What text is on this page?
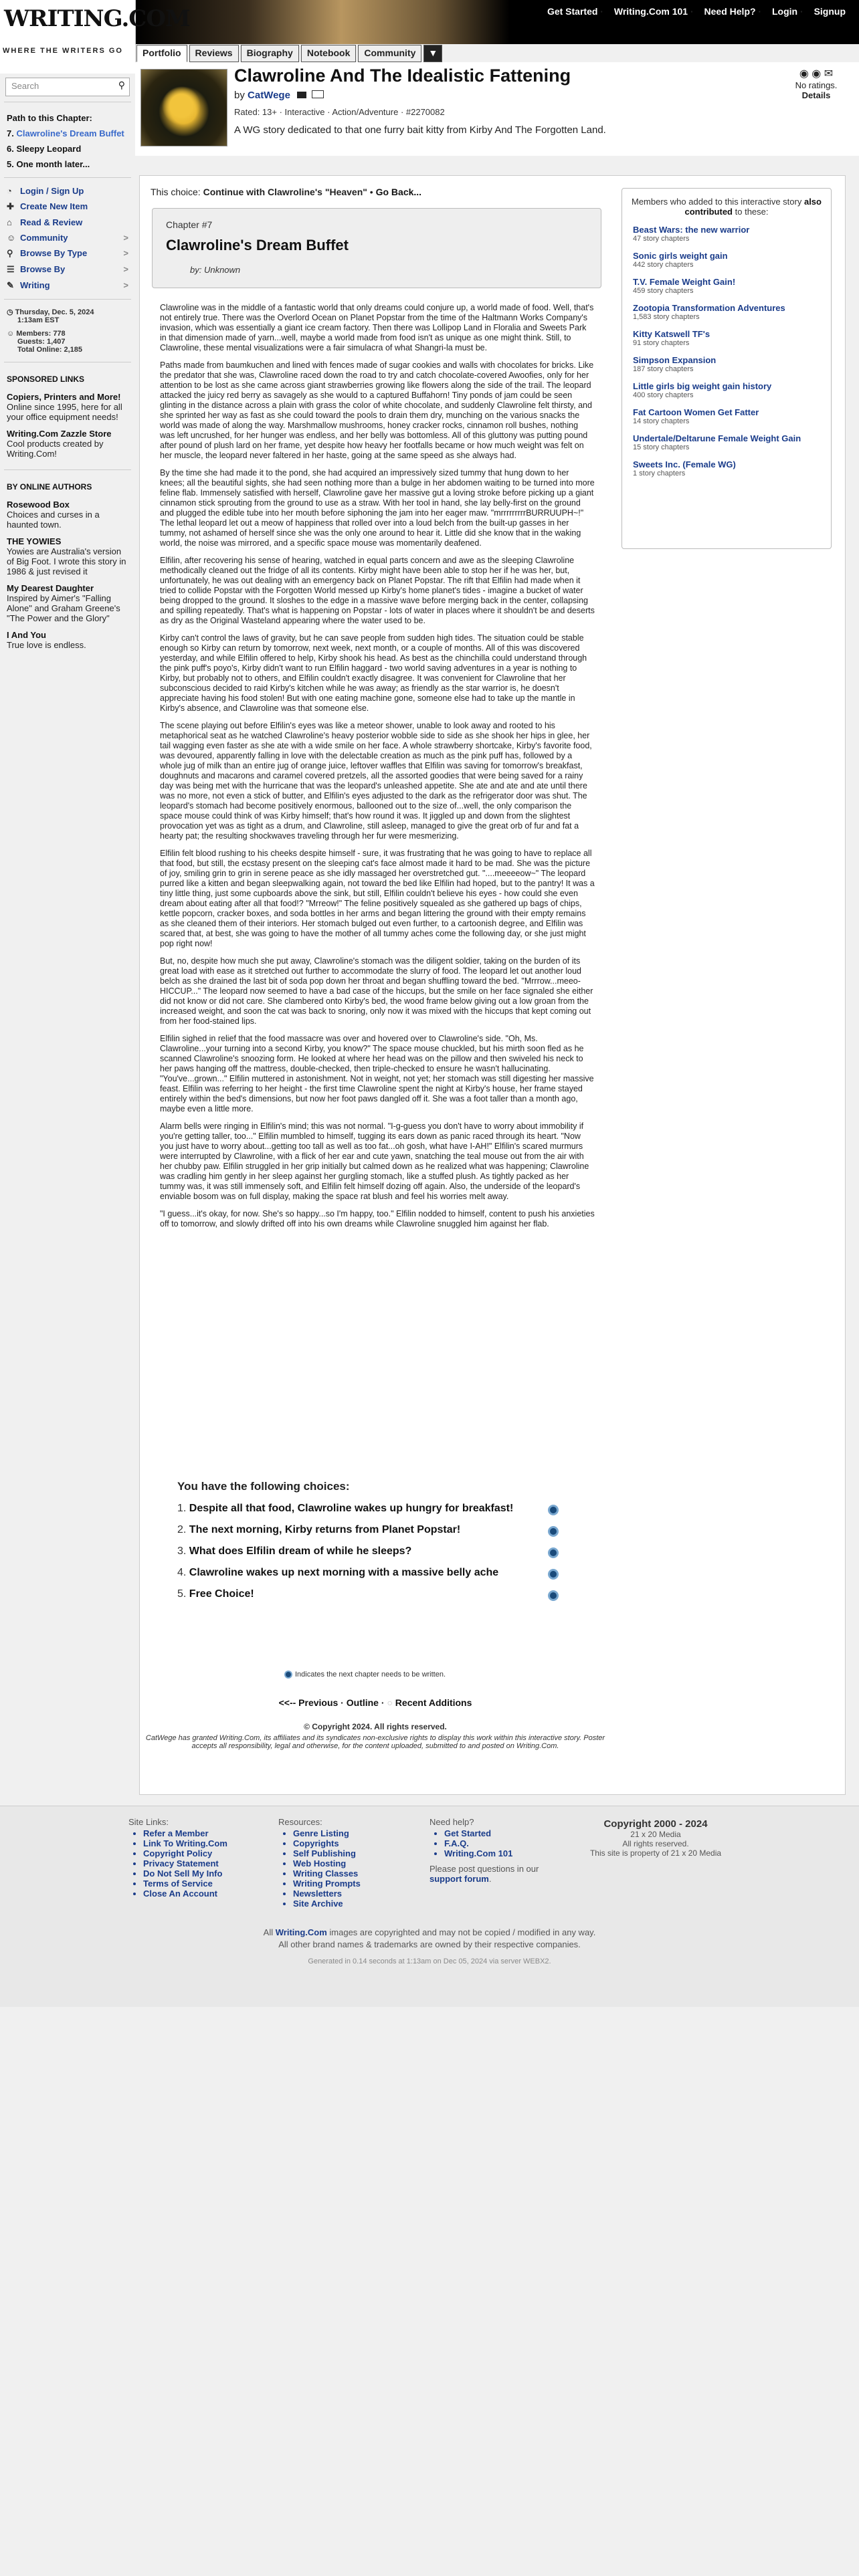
Get Started · Writing.Com 101 · Need Help? · Login · Signup
WRITING.COM
WHERE THE WRITERS GO	Portfolio	Reviews	Biography	Notebook	Community	▼
Clawroline And The Idealistic Fattening
by CatWege
Rated: 13+ · Interactive · Action/Adventure · #2270082
A WG story dedicated to that one furry bait kitty from Kirby And The Forgotten Land.
◉ ◉ ✉
No ratings.
Details
Search	⚲
Path to this Chapter:
7. Clawroline's Dream Buffet
6. Sleepy Leopard
5. One month later...
◔ Login / Sign Up
✚ Create New Item
⌂ Read & Review
☺ Community	>
⚲ Browse By Type	>
☰ Browse By	>
✎ Writing	>
◷ Thursday, Dec. 5, 2024
1:13am EST
☺ Members: 778
Guests: 1,407
Total Online: 2,185
SPONSORED LINKS
Copiers, Printers and More!
Online since 1995, here for all your office equipment needs!
Writing.Com Zazzle Store
Cool products created by Writing.Com!
BY ONLINE AUTHORS
Rosewood Box
Choices and curses in a haunted town.
THE YOWIES
Yowies are Australia's version of Big Foot. I wrote this story in 1986 & just revised it
My Dearest Daughter
Inspired by Aimer's "Falling Alone" and Graham Greene's "The Power and the Glory"
I And You
True love is endless.
This choice: Continue with Clawroline's "Heaven" • Go Back...
Chapter #7
Clawroline's Dream Buffet
by: Unknown

Clawroline was in the middle of a fantastic world that only dreams could conjure up, a world made of food. Well, that's not entirely true. There was the Overlord Ocean on Planet Popstar from the time of the Haltmann Works Company's invasion, which was essentially a giant ice cream factory. Then there was Lollipop Land in Floralia and Sweets Park in that dimension made of yarn...well, maybe a world made from food isn't as unique as one might think. Still, to Clawroline, these mental visualizations were a fair simulacra of what Shangri-la must be.

Paths made from baumkuchen and lined with fences made of sugar cookies and walls with chocolates for bricks. Like the predator that she was, Clawroline raced down the road to try and catch chocolate-covered Awoofies, only for her attention to be lost as she came across giant strawberries growing like flowers along the side of the trail. The leopard attacked the juicy red berry as savagely as she would to a captured Buffahorn! Tiny ponds of jam could be seen glinting in the distance across a plain with grass the color of white chocolate, and suddenly Clawroline felt thirsty, and she sprinted her way as fast as she could toward the pools to drain them dry, munching on the various snacks the world was made of along the way. Marshmallow mushrooms, honey cracker rocks, cinnamon roll bushes, nothing was left uncrushed, for her hunger was endless, and her belly was bottomless. All of this gluttony was putting pound after pound of plush lard on her frame, yet despite how heavy her footfalls became or how much weight was felt on her muscle, the leopard never faltered in her haste, going at the same speed as she always had.

By the time she had made it to the pond, she had acquired an impressively sized tummy that hung down to her knees; all the beautiful sights, she had seen nothing more than a bulge in her abdomen waiting to be turned into more feline flab. Immensely satisfied with herself, Clawroline gave her massive gut a loving stroke before picking up a giant cinnamon stick sprouting from the ground to use as a straw. With her tool in hand, she lay belly-first on the ground and plugged the edible tube into her mouth before siphoning the jam into her eager maw. "mrrrrrrrrrBURRUUPH~!" The lethal leopard let out a meow of happiness that rolled over into a loud belch from the built-up gasses in her tummy, not ashamed of herself since she was the only one around to hear it. Little did she know that in the waking world, the noise was mirrored, and a specific space mouse was momentarily deafened.

Elfilin, after recovering his sense of hearing, watched in equal parts concern and awe as the sleeping Clawroline methodically cleaned out the fridge of all its contents. Kirby might have been able to stop her if he was her, but, unfortunately, he was out dealing with an emergency back on Planet Popstar. The rift that Elfilin had made when it tried to collide Popstar with the Forgotten World messed up Kirby's home planet's tides - imagine a bucket of water being dropped to the ground. It sloshes to the edge in a massive wave before merging back in the center, collapsing and spilling repeatedly. That's what is happening on Popstar - lots of water in places where it shouldn't be and deserts as dry as the Original Wasteland appearing where the water used to be.

Kirby can't control the laws of gravity, but he can save people from sudden high tides. The situation could be stable enough so Kirby can return by tomorrow, next week, next month, or a couple of months. All of this was discovered yesterday, and while Elfilin offered to help, Kirby shook his head. As best as the chinchilla could understand through the pink puff's poyo's, Kirby didn't want to run Elfilin haggard - two world saving adventures in a year is nothing to Kirby, but probably not to others, and Elfilin couldn't exactly disagree. It was convenient for Clawroline that her subconscious decided to raid Kirby's kitchen while he was away; as friendly as the star warrior is, he doesn't appreciate having his food stolen! But with one eating machine gone, someone else had to take up the mantle in Kirby's absence, and Clawroline was that someone else.

The scene playing out before Elfilin's eyes was like a meteor shower, unable to look away and rooted to his metaphorical seat as he watched Clawroline's heavy posterior wobble side to side as she shook her hips in glee, her tail wagging even faster as she ate with a wide smile on her face. A whole strawberry shortcake, Kirby's favorite food, was devoured, apparently falling in love with the delectable creation as much as the pink puff has, followed by a whole jug of milk than an entire jug of orange juice, leftover waffles that Elfilin was saving for tomorrow's breakfast, doughnuts and macarons and caramel covered pretzels, all the assorted goodies that were being saved for a rainy day was being met with the hurricane that was the leopard's unleashed appetite. She ate and ate and ate until there was no more, not even a stick of butter, and Elfilin's eyes adjusted to the dark as the refrigerator door was shut. The leopard's stomach had become positively enormous, ballooned out to the size of...well, the only comparison the space mouse could think of was Kirby himself; that's how round it was. It jiggled up and down from the slightest provocation yet was as tight as a drum, and Clawroline, still asleep, managed to give the great orb of fur and fat a hearty pat; the resulting shockwaves traveling through her fur were mesmerizing.

Elfilin felt blood rushing to his cheeks despite himself - sure, it was frustrating that he was going to have to replace all that food, but still, the ecstasy present on the sleeping cat's face almost made it hard to be mad. She was the picture of joy, smiling grin to grin in serene peace as she idly massaged her overstretched gut. "....meeeeow~" The leopard purred like a kitten and began sleepwalking again, not toward the bed like Elfilin had hoped, but to the pantry! It was a tiny little thing, just some cupboards above the sink, but still, Elfilin couldn't believe his eyes - how could she even dream about eating after all that food!? "Mrreow!" The feline positively squealed as she gathered up bags of chips, kettle popcorn, cracker boxes, and soda bottles in her arms and began littering the ground with their empty remains as she cleaned them of their interiors. Her stomach bulged out even further, to a cartoonish degree, and Elfilin was scared that, at best, she was going to have the mother of all tummy aches come the following day, or she just might pop right now!

But, no, despite how much she put away, Clawroline's stomach was the diligent soldier, taking on the burden of its great load with ease as it stretched out further to accommodate the slurry of food. The leopard let out another loud belch as she drained the last bit of soda pop down her throat and began shuffling toward the bed. "Mrrrow...meeo-HICCUP..." The leopard now seemed to have a bad case of the hiccups, but the smile on her face signaled she either did not know or did not care. She clambered onto Kirby's bed, the wood frame below giving out a low groan from the increased weight, and soon the cat was back to snoring, only now it was mixed with the hiccups that kept coming out from her food-stained lips.

Elfilin sighed in relief that the food massacre was over and hovered over to Clawroline's side. "Oh, Ms. Clawroline...your turning into a second Kirby, you know?" The space mouse chuckled, but his mirth soon fled as he scanned Clawroline's snoozing form. He looked at where her head was on the pillow and then swiveled his neck to her paws hanging off the mattress, double-checked, then triple-checked to ensure he wasn't hallucinating. "You've...grown..." Elfilin muttered in astonishment. Not in weight, not yet; her stomach was still digesting her massive feast. Elfilin was referring to her height - the first time Clawroline spent the night at Kirby's house, her frame stayed entirely within the bed's dimensions, but now her foot paws dangled off it. She was a foot taller than a month ago, maybe even a little more.

Alarm bells were ringing in Elfilin's mind; this was not normal. "I-g-guess you don't have to worry about immobility if you're getting taller, too..." Elfilin mumbled to himself, tugging its ears down as panic raced through its heart. "Now you just have to worry about...getting too tall as well as too fat...oh gosh, what have I-AH!" Elfilin's scared murmurs were interrupted by Clawroline, with a flick of her ear and cute yawn, snatching the teal mouse out from the air with her chubby paw. Elfilin struggled in her grip initially but calmed down as he realized what was happening; Clawroline was cradling him gently in her sleep against her gurgling stomach, like a stuffed plush. As tightly packed as her tummy was, it was still immensely soft, and Elfilin felt himself dozing off again. Also, the underside of the leopard's enviable bosom was on full display, making the space rat blush and feel his worries melt away.

"I guess...it's okay, for now. She's so happy...so I'm happy, too." Elfilin nodded to himself, content to push his anxieties off to tomorrow, and slowly drifted off into his own dreams while Clawroline snuggled him against her flab.

You have the following choices:
1. Despite all that food, Clawroline wakes up hungry for breakfast!
2. The next morning, Kirby returns from Planet Popstar!
3. What does Elfilin dream of while he sleeps?
4. Clawroline wakes up next morning with a massive belly ache
5. Free Choice!
Indicates the next chapter needs to be written.
<<-- Previous · Outline · ○ Recent Additions
© Copyright 2024. All rights reserved.
CatWege has granted Writing.Com, its affiliates and its syndicates non-exclusive rights to display this work within this interactive story. Poster accepts all responsibility, legal and otherwise, for the content uploaded, submitted to and posted on Writing.Com.
Members who added to this interactive story also contributed to these:
Beast Wars: the new warrior
47 story chapters
Sonic girls weight gain
442 story chapters
T.V. Female Weight Gain!
459 story chapters
Zootopia Transformation Adventures
1,583 story chapters
Kitty Katswell TF's
91 story chapters
Simpson Expansion
187 story chapters
Little girls big weight gain history
400 story chapters
Fat Cartoon Women Get Fatter
14 story chapters
Undertale/Deltarune Female Weight Gain
15 story chapters
Sweets Inc. (Female WG)
1 story chapters
Site Links:
• Refer a Member
• Link To Writing.Com
• Copyright Policy
• Privacy Statement
• Do Not Sell My Info
• Terms of Service
• Close An Account
Resources:
• Genre Listing
• Copyrights
• Self Publishing
• Web Hosting
• Writing Classes
• Writing Prompts
• Newsletters
• Site Archive
Need help?
• Get Started
• F.A.Q.
• Writing.Com 101
Please post questions in our support forum.
Copyright 2000 - 2024
21 x 20 Media
All rights reserved.
This site is property of 21 x 20 Media
All Writing.Com images are copyrighted and may not be copied / modified in any way.
All other brand names & trademarks are owned by their respective companies.
Generated in 0.14 seconds at 1:13am on Dec 05, 2024 via server WEBX2.
